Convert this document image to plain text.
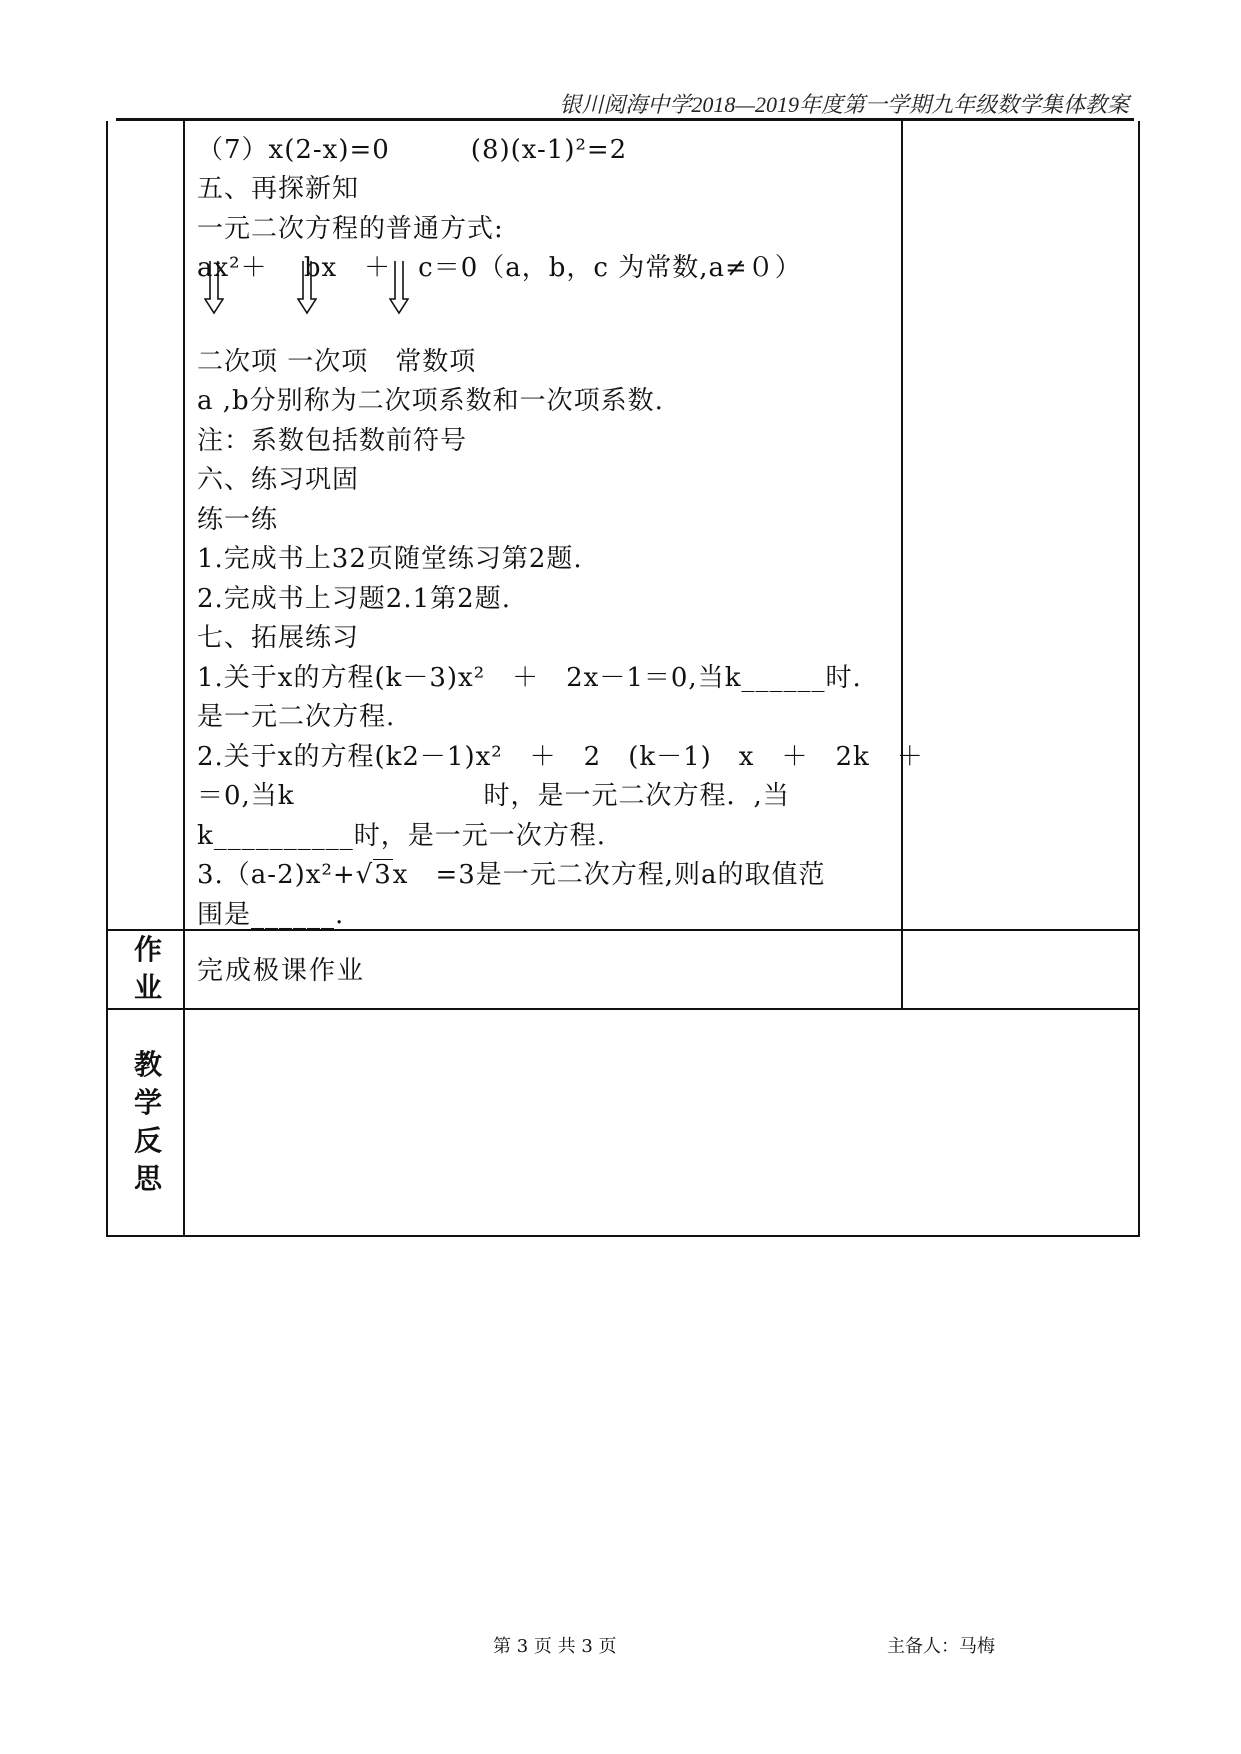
银川阅海中学2018—2019年度第一学期九年级数学集体教案
（7）x(2-x)=0　　　(8)(x-1)²=2
五、再探新知
一元二次方程的普通方式:
ax²＋　 bx　＋　c＝0（a，b，c 为常数,a≠０）
二次项 一次项　常数项
a ,b分别称为二次项系数和一次项系数.
注：系数包括数前符号
六、练习巩固
练一练
1.完成书上32页随堂练习第2题.
2.完成书上习题2.1第2题.
七、拓展练习
1.关于x的方程(k－3)x²　＋　2x－1＝0,当k______时.
是一元二次方程.
2.关于x的方程(k2－1)x²　＋　2　(k－1)　x　＋　2k　＋
＝0,当k　　　　　　　时，是一元二次方程．,当
k__________时，是一元一次方程.
3.（a-2)x²+√3x　=3是一元二次方程,则a的取值范
围是______.
作
业 完成极课作业
教
学
反
思
第 3 页 共 3 页	主备人：马梅
